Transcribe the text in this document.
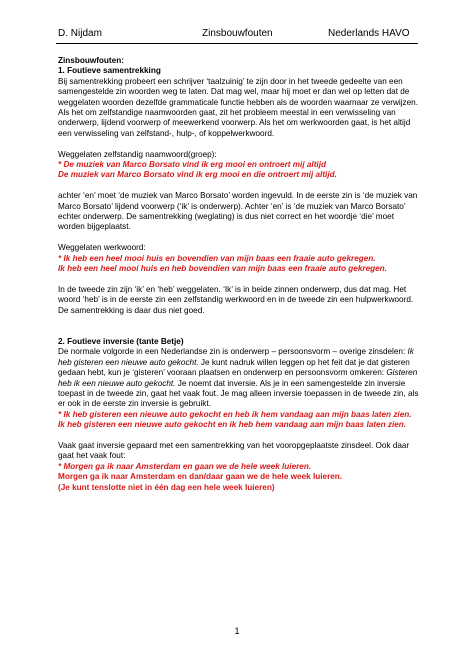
D. Nijdam	Zinsbouwfouten	Nederlands HAVO

Zinsbouwfouten:

1. Foutieve samentrekking

Bij samentrekking probeert een schrijver ‘taalzuinig’ te zijn door in het tweede gedeelte van een samengestelde zin woorden weg te laten. Dat mag wel, maar hij moet er dan wel op letten dat de weggelaten woorden dezelfde grammaticale functie hebben als de woorden waarnaar ze verwijzen. Als het om zelfstandige naamwoorden gaat, zit het probleem meestal in een verwisseling van onderwerp, lijdend voorwerp of meewerkend voorwerp. Als het om werkwoorden gaat, is het altijd een verwisseling van zelfstand-, hulp-, of koppelwerkwoord.

Weggelaten zelfstandig naamwoord(groep):

* De muziek van Marco Borsato vind ik erg mooi en ontroert mij altijd

De muziek van Marco Borsato vind ik erg mooi en die ontroert mij altijd.

achter ‘en’ moet ‘de muziek van Marco Borsato’ worden ingevuld. In de eerste zin is ‘de muziek van Marco Borsato’ lijdend voorwerp (‘ik’ is onderwerp). Achter ‘en’ is ‘de muziek van Marco Borsato’ echter onderwerp. De samentrekking (weglating) is dus niet correct en het woordje ‘die’ moet worden bijgeplaatst.

Weggelaten werkwoord:

* Ik heb een heel mooi huis en bovendien van mijn baas een fraaie auto gekregen.

Ik heb een heel mooi huis en heb bovendien van mijn baas een fraaie auto gekregen.

In de tweede zin zijn ‘ik’ en ‘heb’ weggelaten. ‘Ik’ is in beide zinnen onderwerp, dus dat mag. Het woord ‘heb’ is in de eerste zin een zelfstandig werkwoord en in de tweede zin een hulpwerkwoord. De samentrekking is daar dus niet goed.

2. Foutieve inversie (tante Betje)

De normale volgorde in een Nederlandse zin is onderwerp – persoonsvorm – overige zinsdelen: Ik heb gisteren een nieuwe auto gekocht. Je kunt nadruk willen leggen op het feit dat je dat gisteren gedaan hebt, kun je ‘gisteren’ vooraan plaatsen en onderwerp en persoonsvorm omkeren: Gisteren heb ik een nieuwe auto gekocht. Je noemt dat inversie. Als je in een samengestelde zin inversie toepast in de tweede zin, gaat het vaak fout. Je mag alleen inversie toepassen in de tweede zin, als er ook in de eerste zin inversie is gebruikt.

* Ik heb gisteren een nieuwe auto gekocht en heb ik hem vandaag aan mijn baas laten zien.

Ik heb gisteren een nieuwe auto gekocht en ik heb hem vandaag aan mijn baas laten zien.

Vaak gaat inversie gepaard met een samentrekking van het vooropgeplaatste zinsdeel. Ook daar gaat het vaak fout:

* Morgen ga ik naar Amsterdam en gaan we de hele week luieren.

Morgen ga ik naar Amsterdam en dan/daar gaan we de hele week luieren.

(Je kunt tenslotte niet in één dag een hele week luieren)

1
